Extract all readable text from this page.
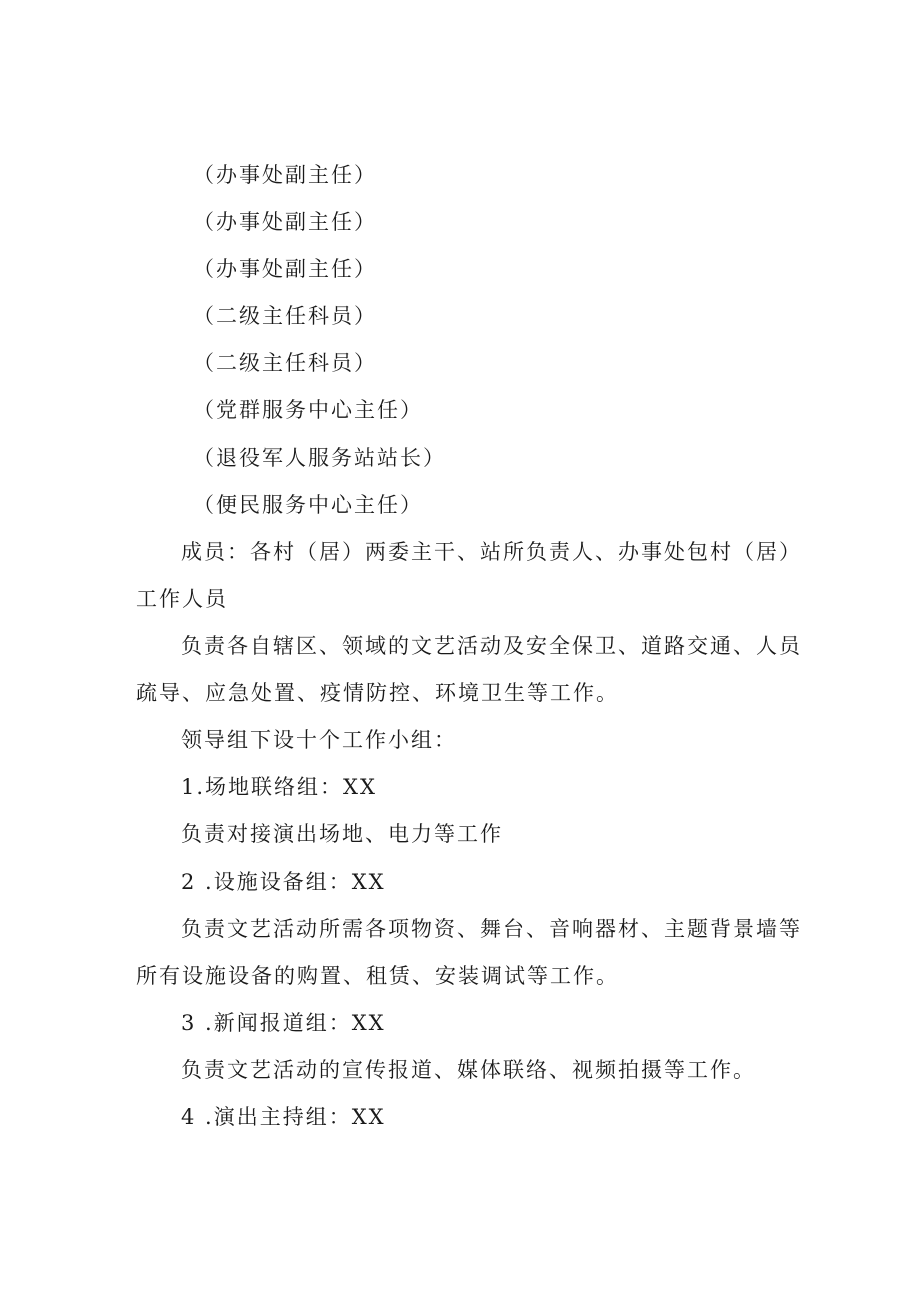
（办事处副主任）
（办事处副主任）
（办事处副主任）
（二级主任科员）
（二级主任科员）
（党群服务中心主任）
（退役军人服务站站长）
（便民服务中心主任）
成员：各村（居）两委主干、站所负责人、办事处包村（居）
工作人员
负责各自辖区、领域的文艺活动及安全保卫、道路交通、人员
疏导、应急处置、疫情防控、环境卫生等工作。
领导组下设十个工作小组：
1.场地联络组：XX
负责对接演出场地、电力等工作
2 .设施设备组：XX
负责文艺活动所需各项物资、舞台、音响器材、主题背景墙等
所有设施设备的购置、租赁、安装调试等工作。
3 .新闻报道组：XX
负责文艺活动的宣传报道、媒体联络、视频拍摄等工作。
4 .演出主持组：XX
